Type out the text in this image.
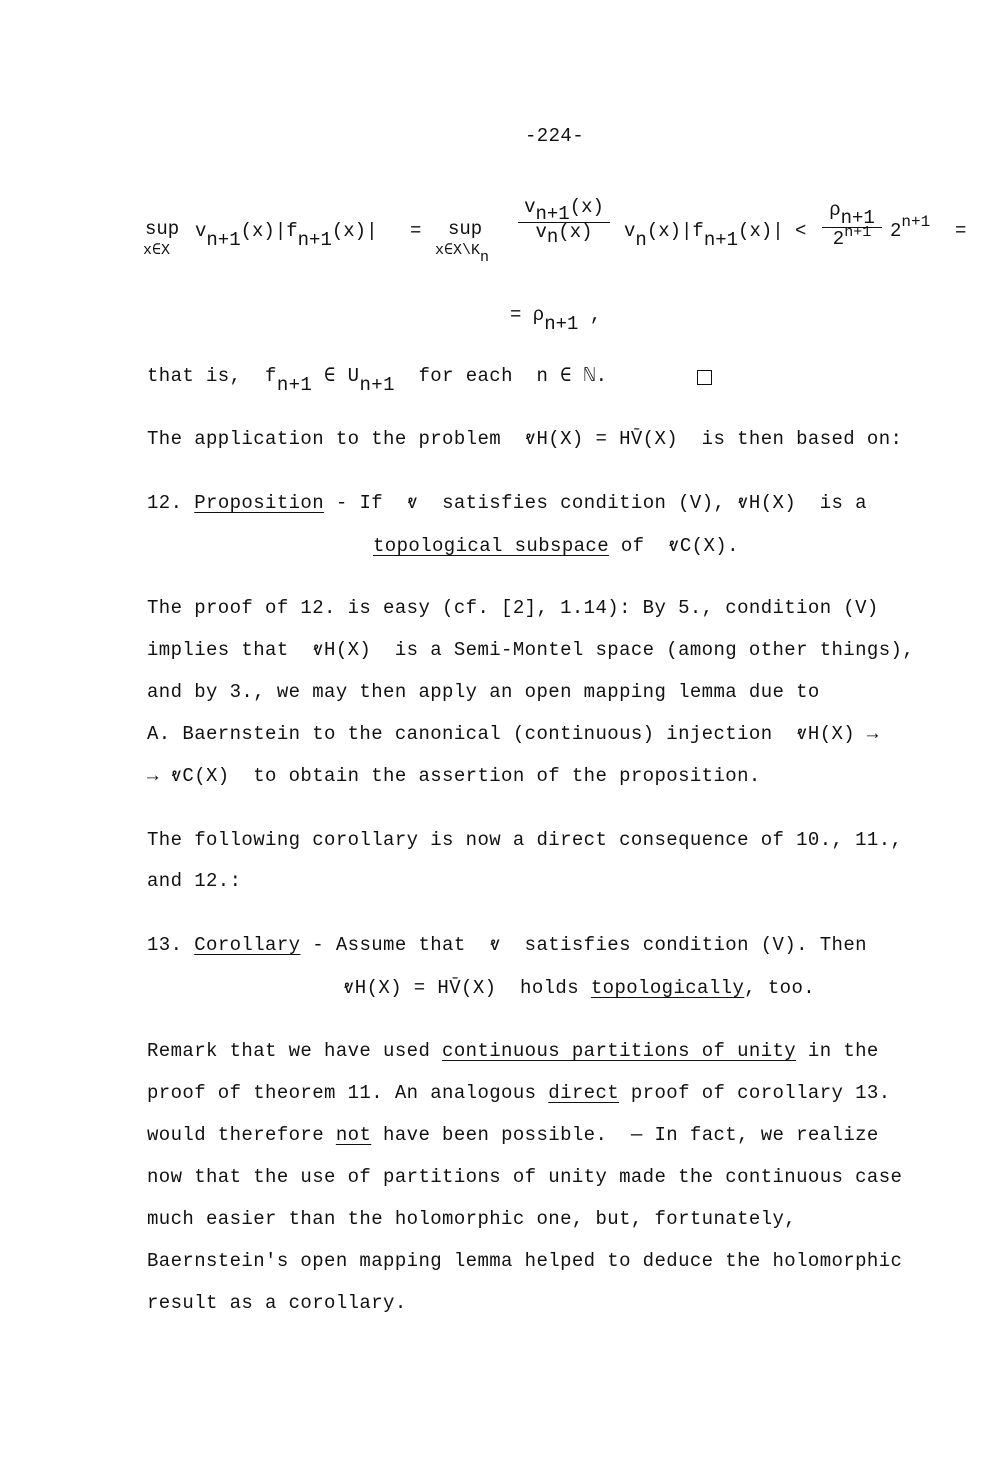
-224-
sup
x∈X
vn+1(x)|fn+1(x)| = sup
x∈X\Kn
vn+1(x)
vn(x)	vn(x)|fn+1(x)| <
ρn+1
$2^{n+1}$ $2^{n+1}$ =
= ρn+1 ,
that is,  fn+1 ∈ Un+1  for each  n ∈ ℕ.
The application to the problem  ⱴH(X) = HV̄(X)  is then based on:
12. Proposition - If  ⱴ  satisfies condition (V), ⱴH(X)  is a
topological subspace of  ⱴC(X).
The proof of 12. is easy (cf. [2], 1.14): By 5., condition (V)
implies that  ⱴH(X)  is a Semi-Montel space (among other things),
and by 3., we may then apply an open mapping lemma due to
A. Baernstein to the canonical (continuous) injection  ⱴH(X) →
→ ⱴC(X)  to obtain the assertion of the proposition.
The following corollary is now a direct consequence of 10., 11.,
and 12.:
13. Corollary - Assume that  ⱴ  satisfies condition (V). Then
ⱴH(X) = HV̄(X)  holds topologically, too.
Remark that we have used continuous partitions of unity in the
proof of theorem 11. An analogous direct proof of corollary 13.
would therefore not have been possible.  — In fact, we realize
now that the use of partitions of unity made the continuous case
much easier than the holomorphic one, but, fortunately,
Baernstein's open mapping lemma helped to deduce the holomorphic
result as a corollary.
